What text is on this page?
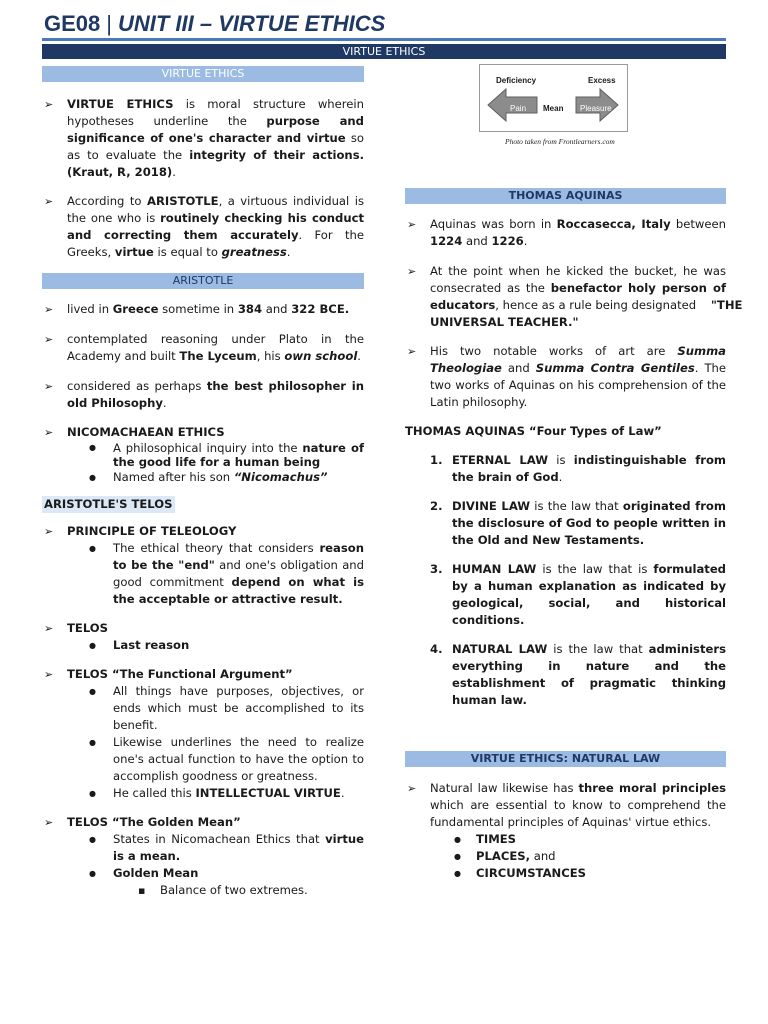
GE08 | UNIT III – VIRTUE ETHICS
VIRTUE ETHICS
VIRTUE ETHICS
➢ VIRTUE ETHICS is moral structure wherein hypotheses underline the purpose and significance of one's character and virtue so as to evaluate the integrity of their actions. (Kraut, R, 2018).
➢ According to ARISTOTLE, a virtuous individual is the one who is routinely checking his conduct and correcting them accurately. For the Greeks, virtue is equal to greatness.
ARISTOTLE
➢ lived in Greece sometime in 384 and 322 BCE.
➢ contemplated reasoning under Plato in the Academy and built The Lyceum, his own school.
➢ considered as perhaps the best philosopher in old Philosophy.
➢ NICOMACHAEAN ETHICS
● A philosophical inquiry into the nature of the good life for a human being
● Named after his son “Nicomachus”
ARISTOTLE'S TELOS
➢ PRINCIPLE OF TELEOLOGY
● The ethical theory that considers reason to be the "end" and one's obligation and good commitment depend on what is the acceptable or attractive result.
➢ TELOS
● Last reason
➢ TELOS “The Functional Argument”
● All things have purposes, objectives, or ends which must be accomplished to its benefit.
● Likewise underlines the need to realize one's actual function to have the option to accomplish goodness or greatness.
● He called this INTELLECTUAL VIRTUE.
➢ TELOS “The Golden Mean”
● States in Nicomachean Ethics that virtue is a mean.
● Golden Mean
▪ Balance of two extremes.
Deficiency	Excess
Pain Mean Pleasure
Photo taken from Frontlearners.com
THOMAS AQUINAS
➢ Aquinas was born in Roccasecca, Italy between 1224 and 1226.
➢ At the point when he kicked the bucket, he was consecrated as the benefactor holy person of educators, hence as a rule being designated    "THE UNIVERSAL TEACHER."
➢ His two notable works of art are Summa Theologiae and Summa Contra Gentiles. The two works of Aquinas on his comprehension of the Latin philosophy.
THOMAS AQUINAS “Four Types of Law”
1. ETERNAL LAW is indistinguishable from the brain of God.
2. DIVINE LAW is the law that originated from the disclosure of God to people written in the Old and New Testaments.
3. HUMAN LAW is the law that is formulated by a human explanation as indicated by geological, social, and historical conditions.
4. NATURAL LAW is the law that administers everything in nature and the establishment of pragmatic thinking human law.
VIRTUE ETHICS: NATURAL LAW
➢ Natural law likewise has three moral principles which are essential to know to comprehend the fundamental principles of Aquinas' virtue ethics.
● TIMES
● PLACES, and
● CIRCUMSTANCES
